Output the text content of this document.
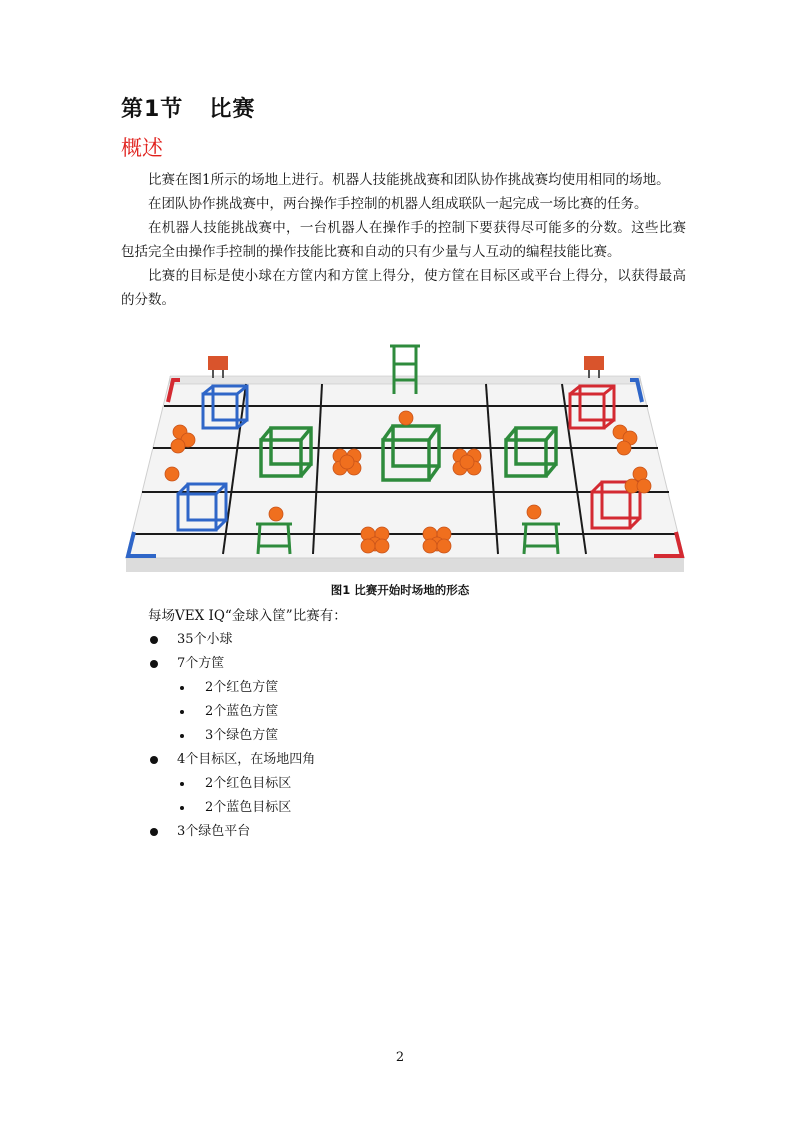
第1节 比赛
概述

比赛在图1所示的场地上进行。机器人技能挑战赛和团队协作挑战赛均使用相同的场地。

在团队协作挑战赛中，两台操作手控制的机器人组成联队一起完成一场比赛的任务。

在机器人技能挑战赛中，一台机器人在操作手的控制下要获得尽可能多的分数。这些比赛包括完全由操作手控制的操作技能比赛和自动的只有少量与人互动的编程技能比赛。

比赛的目标是使小球在方筐内和方筐上得分，使方筐在目标区或平台上得分，以获得最高的分数。

图1 比赛开始时场地的形态
每场VEX IQ“金球入筐”比赛有：
35个小球
7个方筐
2个红色方筐
2个蓝色方筐
3个绿色方筐
4个目标区，在场地四角
2个红色目标区
2个蓝色目标区
3个绿色平台
2
